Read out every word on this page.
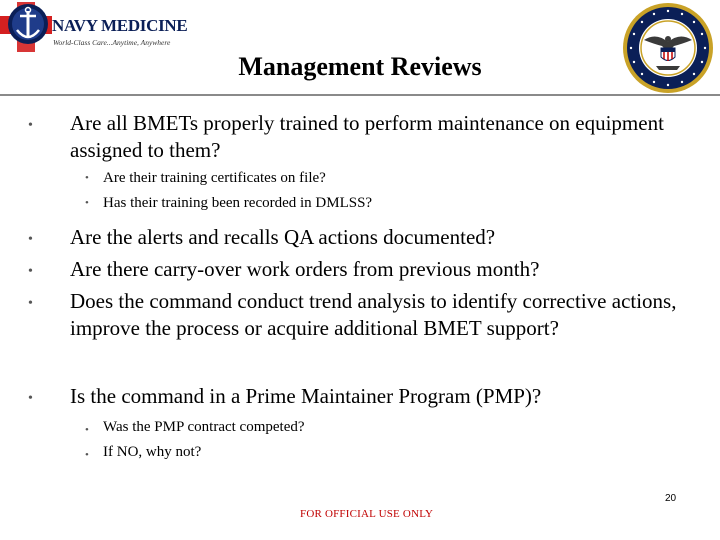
NAVY MEDICINE
World-Class Care...Anytime, Anywhere
Management Reviews
• Are all BMETs properly trained to perform maintenance on equipment assigned to them?
• Are their training certificates on file?
• Has their training been recorded in DMLSS?
• Are the alerts and recalls QA actions documented?
• Are there carry-over work orders from previous month?
• Does the command conduct trend analysis to identify corrective actions, improve the process or acquire additional BMET support?
• Is the command in a Prime Maintainer Program (PMP)?
• Was the PMP contract competed?
• If NO, why not?
20
FOR OFFICIAL USE ONLY
